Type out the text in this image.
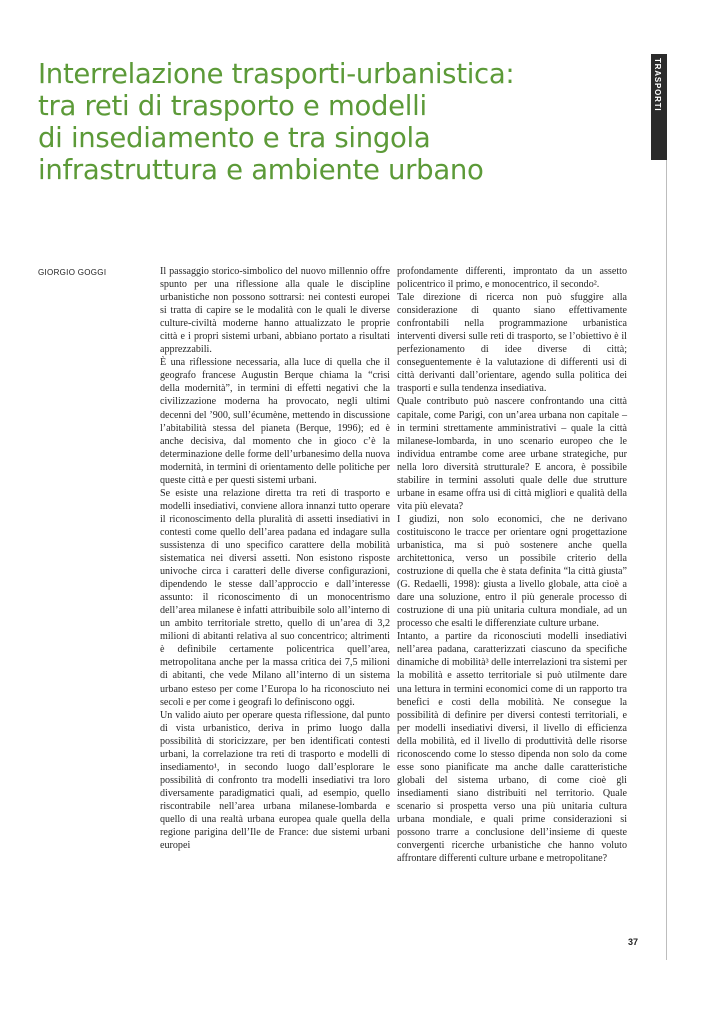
Interrelazione trasporti-urbanistica:
tra reti di trasporto e modelli
di insediamento e tra singola
infrastruttura e ambiente urbano
GIORGIO GOGGI	Il passaggio storico-simbolico del nuovo millennio offre spunto per una riflessione alla quale le discipline urbanistiche non possono sottrarsi: nei contesti europei si tratta di capire se le modalità con le quali le diverse culture-civiltà moderne hanno attualizzato le proprie città e i propri sistemi urbani, abbiano portato a risultati apprezzabili.

È una riflessione necessaria, alla luce di quella che il geografo francese Augustin Berque chiama la “crisi della modernità”, in termini di effetti negativi che la civilizzazione moderna ha provocato, negli ultimi decenni del ’900, sull’écumène, mettendo in discussione l’abitabilità stessa del pianeta (Berque, 1996); ed è anche decisiva, dal momento che in gioco c’è la determinazione delle forme dell’urbanesimo della nuova modernità, in termini di orientamento delle politiche per queste città e per questi sistemi urbani.

Se esiste una relazione diretta tra reti di trasporto e modelli insediativi, conviene allora innanzi tutto operare il riconoscimento della pluralità di assetti insediativi in contesti come quello dell’area padana ed indagare sulla sussistenza di uno specifico carattere della mobilità sistematica nei diversi assetti. Non esistono risposte univoche circa i caratteri delle diverse configurazioni, dipendendo le stesse dall’approccio e dall’interesse assunto: il riconoscimento di un monocentrismo dell’area milanese è infatti attribuibile solo all’interno di un ambito territoriale stretto, quello di un’area di 3,2 milioni di abitanti relativa al suo concentrico; altrimenti è definibile certamente policentrica quell’area, metropolitana anche per la massa critica dei 7,5 milioni di abitanti, che vede Milano all’interno di un sistema urbano esteso per come l’Europa lo ha riconosciuto nei secoli e per come i geografi lo definiscono oggi.

Un valido aiuto per operare questa riflessione, dal punto di vista urbanistico, deriva in primo luogo dalla possibilità di storicizzare, per ben identificati contesti urbani, la correlazione tra reti di trasporto e modelli di insediamento¹, in secondo luogo dall’esplorare le possibilità di confronto tra modelli insediativi tra loro diversamente paradigmatici quali, ad esempio, quello riscontrabile nell’area urbana milanese-lombarda e quello di una realtà urbana europea quale quella della regione parigina dell’Ile de France: due sistemi urbani europei

profondamente differenti, improntato da un assetto policentrico il primo, e monocentrico, il secondo².

Tale direzione di ricerca non può sfuggire alla considerazione di quanto siano effettivamente confrontabili nella programmazione urbanistica interventi diversi sulle reti di trasporto, se l’obiettivo è il perfezionamento di idee diverse di città; conseguentemente è la valutazione di differenti usi di città derivanti dall’orientare, agendo sulla politica dei trasporti e sulla tendenza insediativa.

Quale contributo può nascere confrontando una città capitale, come Parigi, con un’area urbana non capitale – in termini strettamente amministrativi – quale la città milanese-lombarda, in uno scenario europeo che le individua entrambe come aree urbane strategiche, pur nella loro diversità strutturale? E ancora, è possibile stabilire in termini assoluti quale delle due strutture urbane in esame offra usi di città migliori e qualità della vita più elevata?

I giudizi, non solo economici, che ne derivano costituiscono le tracce per orientare ogni progettazione urbanistica, ma si può sostenere anche quella architettonica, verso un possibile criterio della costruzione di quella che è stata definita “la città giusta” (G. Redaelli, 1998): giusta a livello globale, atta cioè a dare una soluzione, entro il più generale processo di costruzione di una più unitaria cultura mondiale, ad un processo che esalti le differenziate culture urbane.

Intanto, a partire da riconosciuti modelli insediativi nell’area padana, caratterizzati ciascuno da specifiche dinamiche di mobilità³ delle interrelazioni tra sistemi per la mobilità e assetto territoriale si può utilmente dare una lettura in termini economici come di un rapporto tra benefici e costi della mobilità. Ne consegue la possibilità di definire per diversi contesti territoriali, e per modelli insediativi diversi, il livello di efficienza della mobilità, ed il livello di produttività delle risorse riconoscendo come lo stesso dipenda non solo da come esse sono pianificate ma anche dalle caratteristiche globali del sistema urbano, di come cioè gli insediamenti siano distribuiti nel territorio. Quale scenario si prospetta verso una più unitaria cultura urbana mondiale, e quali prime considerazioni si possono trarre a conclusione dell’insieme di queste convergenti ricerche urbanistiche che hanno voluto affrontare differenti culture urbane e metropolitane?

TRASPORTI
37
